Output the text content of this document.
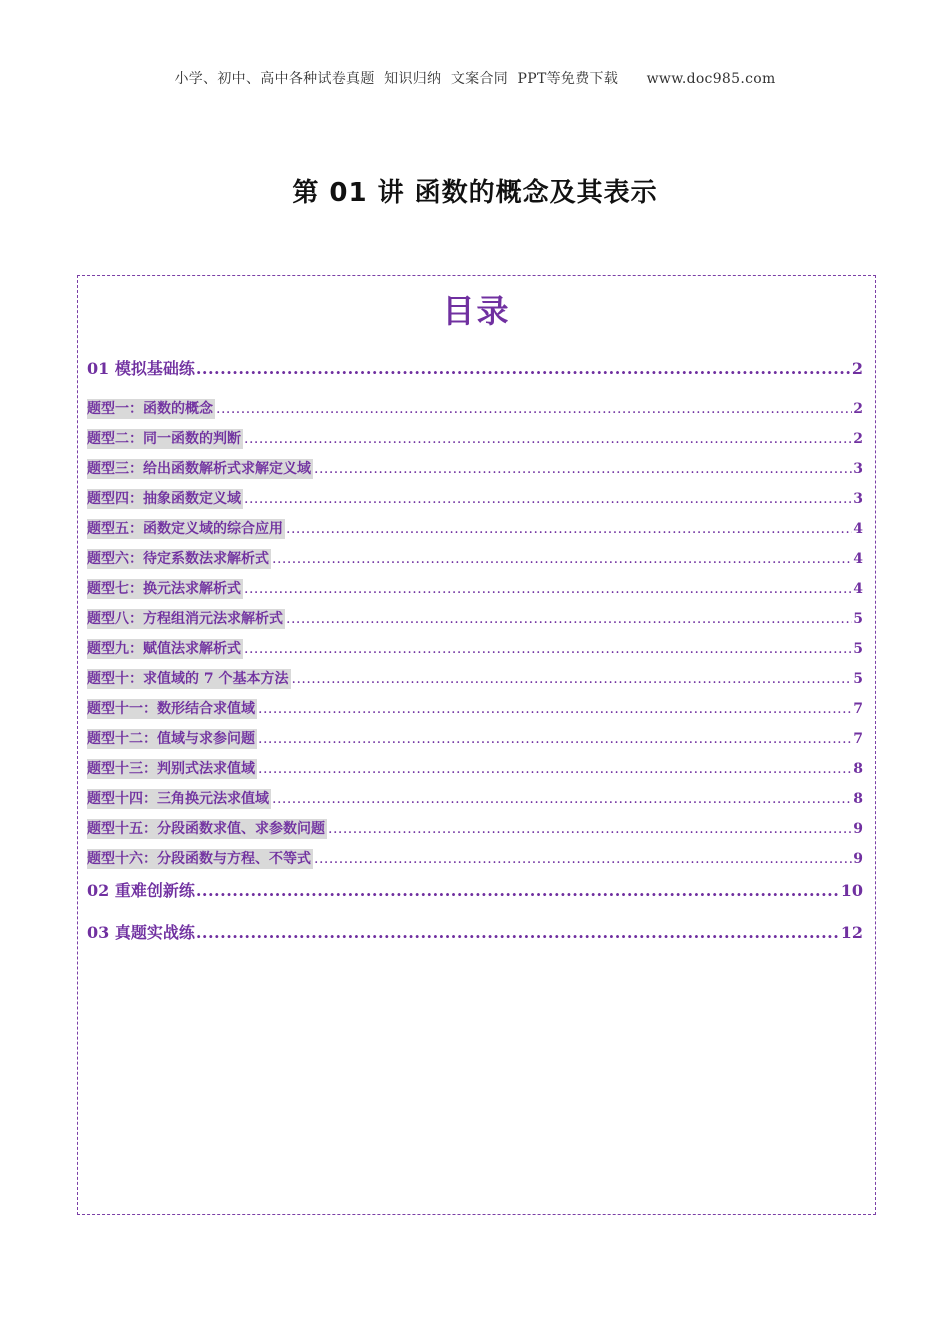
小学、初中、高中各种试卷真题  知识归纳  文案合同  PPT等免费下载      www.doc985.com
第 01 讲 函数的概念及其表示
目录
01 模拟基础练 .....	2
题型一：函数的概念 .....	2
题型二：同一函数的判断 .....	2
题型三：给出函数解析式求解定义域 .....	3
题型四：抽象函数定义域 .....	3
题型五：函数定义域的综合应用 .....	4
题型六：待定系数法求解析式 .....	4
题型七：换元法求解析式 .....	4
题型八：方程组消元法求解析式 .....	5
题型九：赋值法求解析式 .....	5
题型十：求值域的 7 个基本方法 .....	5
题型十一：数形结合求值域 .....	7
题型十二：值域与求参问题 .....	7
题型十三：判别式法求值域 .....	8
题型十四：三角换元法求值域 .....	8
题型十五：分段函数求值、求参数问题 .....	9
题型十六：分段函数与方程、不等式 .....	9
02 重难创新练 .....	10
03 真题实战练 .....	12
